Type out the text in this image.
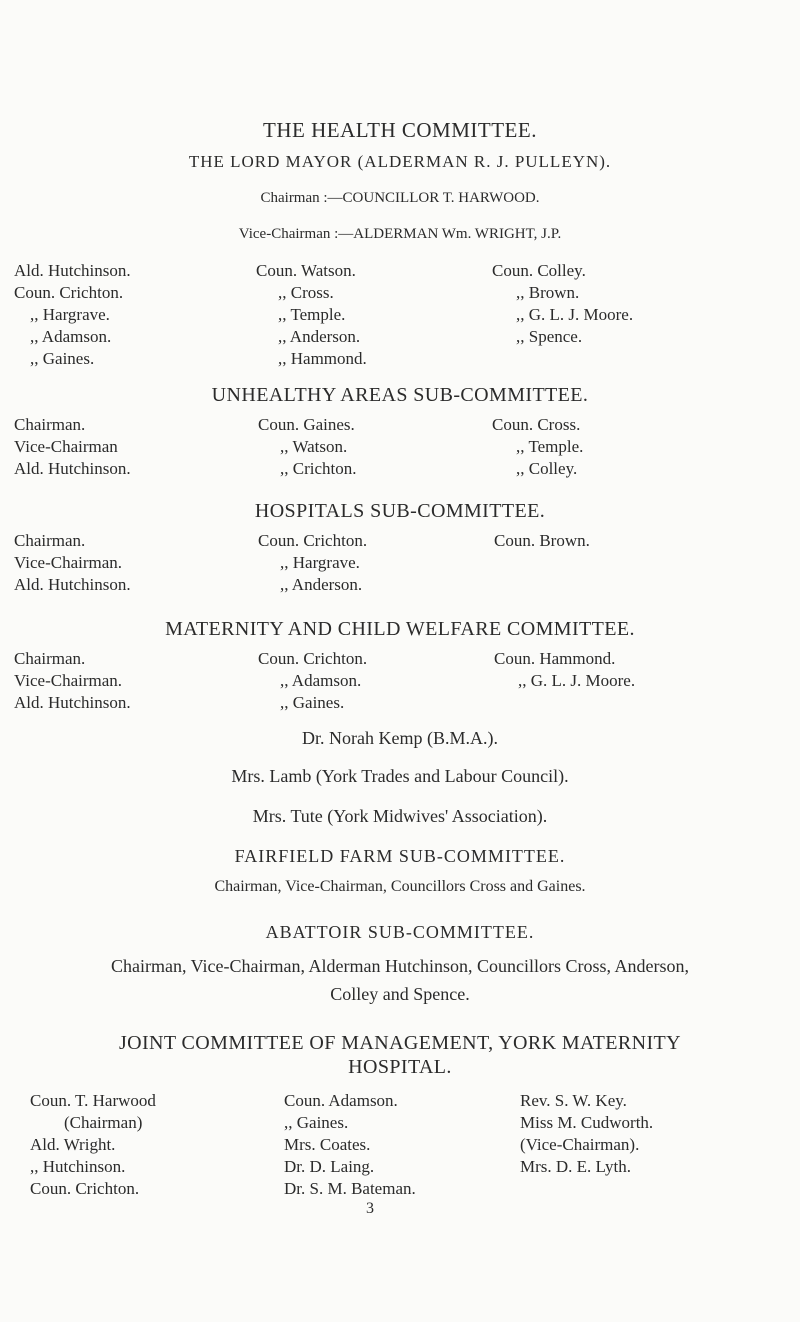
THE HEALTH COMMITTEE.
THE LORD MAYOR (ALDERMAN R. J. PULLEYN).
Chairman :—COUNCILLOR T. HARWOOD.
Vice-Chairman :—ALDERMAN Wm. WRIGHT, J.P.
Ald. Hutchinson.
Coun. Crichton.
,, Hargrave.
,, Adamson.
,, Gaines.
Coun. Watson.
,, Cross.
,, Temple.
,, Anderson.
,, Hammond.
Coun. Colley.
,, Brown.
,, G. L. J. Moore.
,, Spence.
UNHEALTHY AREAS SUB-COMMITTEE.
Chairman.
Vice-Chairman
Ald. Hutchinson.
Coun. Gaines.
,, Watson.
,, Crichton.
Coun. Cross.
,, Temple.
,, Colley.
HOSPITALS SUB-COMMITTEE.
Chairman.
Vice-Chairman.
Ald. Hutchinson.
Coun. Crichton.
,, Hargrave.
,, Anderson.
Coun. Brown.
MATERNITY AND CHILD WELFARE COMMITTEE.
Chairman.
Vice-Chairman.
Ald. Hutchinson.
Coun. Crichton.
,, Adamson.
,, Gaines.
Coun. Hammond.
,, G. L. J. Moore.
Dr. Norah Kemp (B.M.A.).
Mrs. Lamb (York Trades and Labour Council).
Mrs. Tute (York Midwives' Association).
FAIRFIELD FARM SUB-COMMITTEE.
Chairman, Vice-Chairman, Councillors Cross and Gaines.
ABATTOIR SUB-COMMITTEE.
Chairman, Vice-Chairman, Alderman Hutchinson, Councillors Cross, Anderson,
Colley and Spence.
JOINT COMMITTEE OF MANAGEMENT, YORK MATERNITY
HOSPITAL.
Coun. T. Harwood
(Chairman)
Ald. Wright.
,, Hutchinson.
Coun. Crichton.
Coun. Adamson.
,, Gaines.
Mrs. Coates.
Dr. D. Laing.
Dr. S. M. Bateman.
Rev. S. W. Key.
Miss M. Cudworth.
(Vice-Chairman).
Mrs. D. E. Lyth.
3
